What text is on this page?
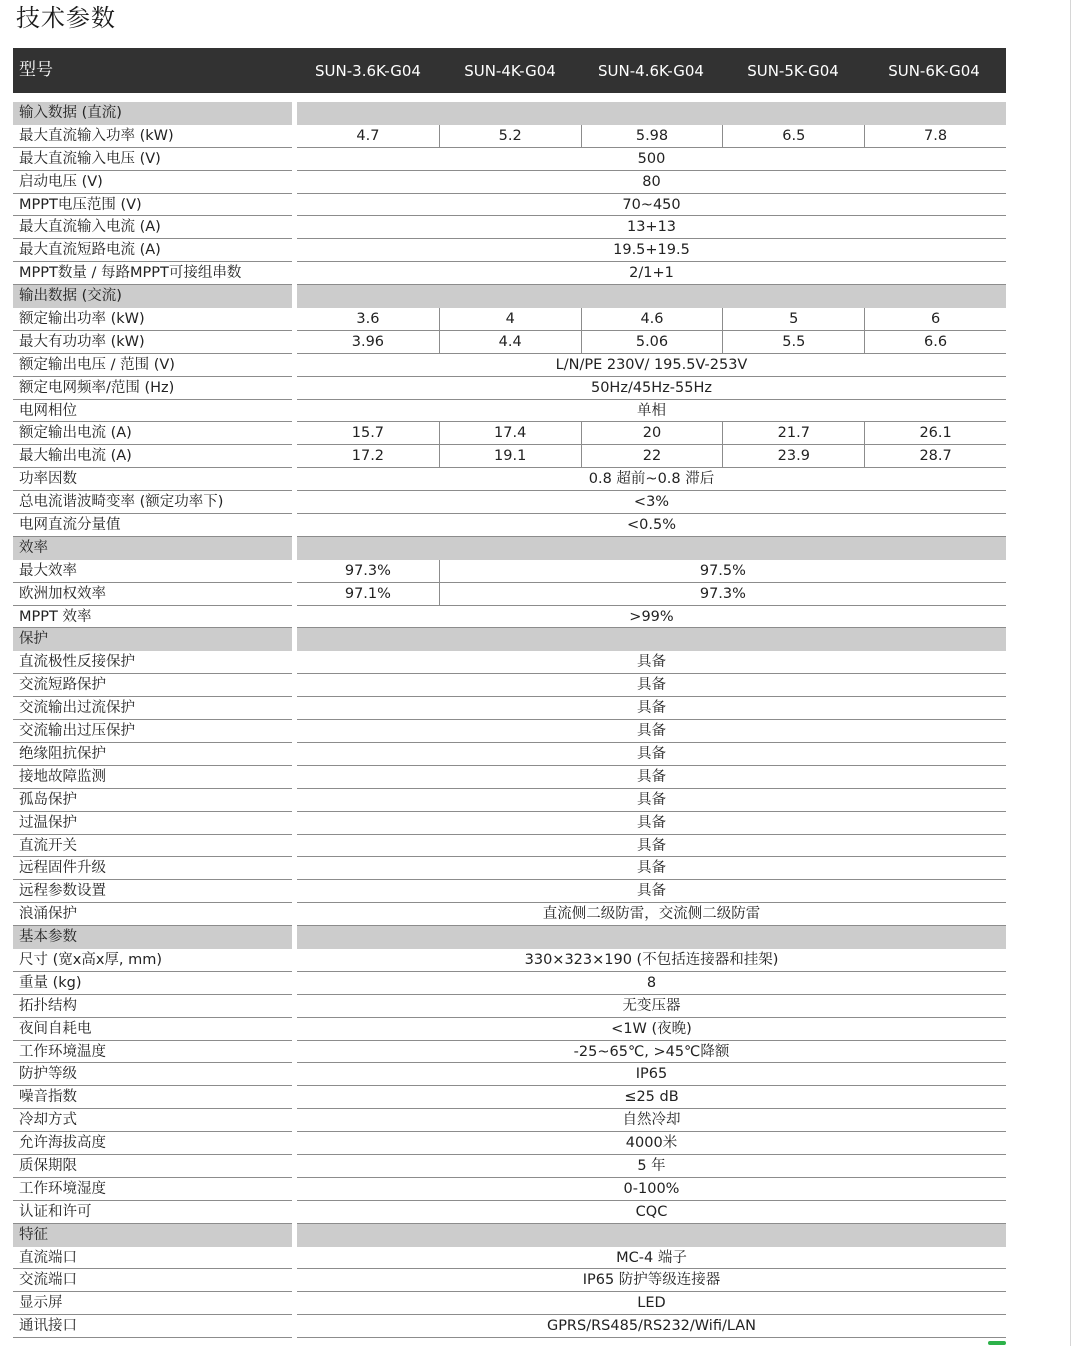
技术参数
型号	SUN-3.6K-G04	SUN-4K-G04	SUN-4.6K-G04	SUN-5K-G04	SUN-6K-G04
输入数据 (直流)
最大直流输入功率 (kW)	4.7	5.2	5.98	6.5	7.8
最大直流输入电压 (V)	500
启动电压 (V)	80
MPPT电压范围 (V)	70~450
最大直流输入电流 (A)	13+13
最大直流短路电流 (A)	19.5+19.5
MPPT数量 / 每路MPPT可接组串数	2/1+1
输出数据 (交流)
额定输出功率 (kW)	3.6	4	4.6	5	6
最大有功功率 (kW)	3.96	4.4	5.06	5.5	6.6
额定输出电压 / 范围 (V)	L/N/PE 230V/ 195.5V-253V
额定电网频率/范围 (Hz)	50Hz/45Hz-55Hz
电网相位	单相
额定输出电流 (A)	15.7	17.4	20	21.7	26.1
最大输出电流 (A)	17.2	19.1	22	23.9	28.7
功率因数	0.8 超前~0.8 滞后
总电流谐波畸变率 (额定功率下)	<3%
电网直流分量值	<0.5%
效率
最大效率	97.3%	97.5%
欧洲加权效率	97.1%	97.3%
MPPT 效率	>99%
保护
直流极性反接保护	具备
交流短路保护	具备
交流输出过流保护	具备
交流输出过压保护	具备
绝缘阻抗保护	具备
接地故障监测	具备
孤岛保护	具备
过温保护	具备
直流开关	具备
远程固件升级	具备
远程参数设置	具备
浪涌保护	直流侧二级防雷，交流侧二级防雷
基本参数
尺寸 (宽x高x厚, mm)	330×323×190 (不包括连接器和挂架)
重量 (kg)	8
拓扑结构	无变压器
夜间自耗电	<1W (夜晚)
工作环境温度	-25~65℃, >45℃降额
防护等级	IP65
噪音指数	≤25 dB
冷却方式	自然冷却
允许海拔高度	4000米
质保期限	5 年
工作环境湿度	0-100%
认证和许可	CQC
特征
直流端口	MC-4 端子
交流端口	IP65 防护等级连接器
显示屏	LED
通讯接口	GPRS/RS485/RS232/Wifi/LAN
